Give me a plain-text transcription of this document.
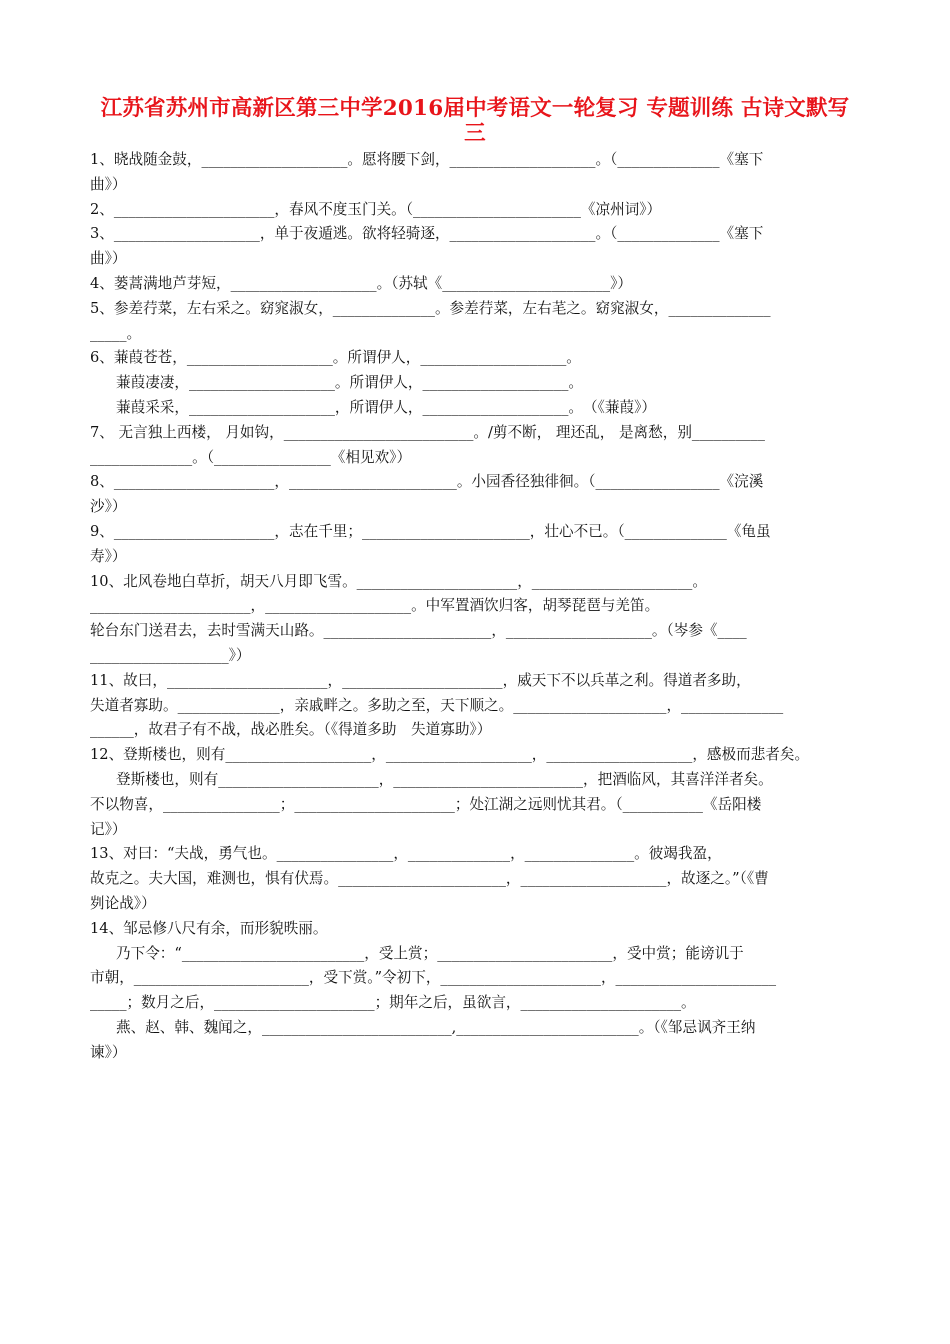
江苏省苏州市高新区第三中学2016届中考语文一轮复习 专题训练 古诗文默写
三

1、晓战随金鼓，____________________。愿将腰下剑，____________________。（______________《塞下
曲》）

2、______________________，春风不度玉门关。（_______________________《凉州词》）

3、____________________，单于夜遁逃。欲将轻骑逐，____________________。（______________《塞下
曲》）

4、蒌蒿满地芦芽短，____________________。（苏轼《_______________________》）

5、参差荇菜，左右采之。窈窕淑女，______________。参差荇菜，左右芼之。窈窕淑女，______________
_____。

6、蒹葭苍苍，____________________。所谓伊人，____________________。

蒹葭凄凄，____________________。所谓伊人，____________________。

蒹葭采采，____________________，所谓伊人，____________________。　（《蒹葭》）

7、 无言独上西楼， 月如钩，__________________________。/剪不断， 理还乱， 是离愁，别__________
______________。（________________《相见欢》）

8、______________________，_______________________。小园香径独徘徊。（_________________《浣溪
沙》）

9、______________________，志在千里；_______________________，壮心不已。（______________《龟虽
寿》）

10、北风卷地白草折，胡天八月即飞雪。______________________，______________________。
______________________，____________________。中军置酒饮归客，胡琴琵琶与羌笛。
轮台东门送君去，去时雪满天山路。_______________________，____________________。（岑参《____
___________________》）

11、故曰，______________________，______________________，威天下不以兵革之利。得道者多助，
失道者寡助。______________，亲戚畔之。多助之至，天下顺之。_____________________，______________
______，故君子有不战，战必胜矣。（《得道多助　失道寡助》）

12、登斯楼也，则有____________________，____________________，____________________，感极而悲者矣。

登斯楼也，则有______________________，__________________________，把酒临风，其喜洋洋者矣。

不以物喜，________________；______________________；处江湖之远则忧其君。（___________《岳阳楼
记》）

13、对曰：“夫战，勇气也。________________，______________，_______________。彼竭我盈，
故克之。夫大国，难测也，惧有伏焉。_______________________，____________________，故逐之。”（《曹
刿论战》）

14、邹忌修八尺有余，而形貌昳丽。

乃下令：“_________________________，受上赏；________________________，受中赏；能谤讥于

市朝，________________________，受下赏。”令初下，______________________，______________________
_____；数月之后，______________________；期年之后，虽欲言，______________________。

燕、赵、韩、魏闻之，__________________________,_________________________。（《邹忌讽齐王纳

谏》）
